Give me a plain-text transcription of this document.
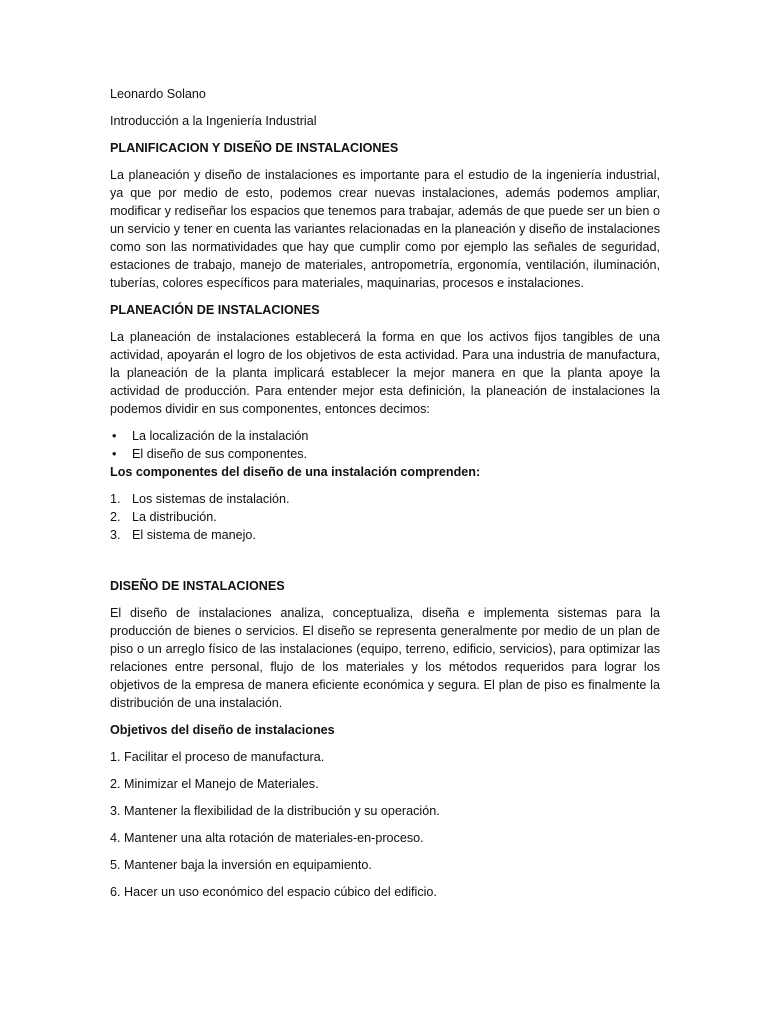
Leonardo Solano

Introducción a la Ingeniería Industrial

PLANIFICACION Y DISEÑO DE INSTALACIONES

La planeación y diseño de instalaciones es importante para el estudio de la ingeniería industrial, ya que por medio de esto, podemos crear nuevas instalaciones, además podemos ampliar, modificar y rediseñar los espacios que tenemos para trabajar, además de que puede ser un bien o un servicio y tener en cuenta las variantes relacionadas en la planeación y diseño de instalaciones como son las normatividades que hay que cumplir como por ejemplo las señales de seguridad, estaciones de trabajo, manejo de materiales, antropometría, ergonomía, ventilación, iluminación, tuberías, colores específicos para materiales, maquinarias, procesos e instalaciones.

PLANEACIÓN DE INSTALACIONES

La planeación de instalaciones establecerá la forma en que los activos fijos tangibles de una actividad, apoyarán el logro de los objetivos de esta actividad. Para una industria de manufactura, la planeación de la planta implicará establecer la mejor manera en que la planta apoye la actividad de producción. Para entender mejor esta definición, la planeación de instalaciones la podemos dividir en sus componentes, entonces decimos:

• La localización de la instalación
• El diseño de sus componentes.

Los componentes del diseño de una instalación comprenden:

1. Los sistemas de instalación.
2. La distribución.
3. El sistema de manejo.

DISEÑO DE INSTALACIONES

El diseño de instalaciones analiza, conceptualiza, diseña e implementa sistemas para la producción de bienes o servicios. El diseño se representa generalmente por medio de un plan de piso o un arreglo físico de las instalaciones (equipo, terreno, edificio, servicios), para optimizar las relaciones entre personal, flujo de los materiales y los métodos requeridos para lograr los objetivos de la empresa de manera eficiente económica y segura. El plan de piso es finalmente la distribución de una instalación.

Objetivos del diseño de instalaciones

1. Facilitar el proceso de manufactura.

2. Minimizar el Manejo de Materiales.

3. Mantener la flexibilidad de la distribución y su operación.

4. Mantener una alta rotación de materiales-en-proceso.

5. Mantener baja la inversión en equipamiento.

6. Hacer un uso económico del espacio cúbico del edificio.
